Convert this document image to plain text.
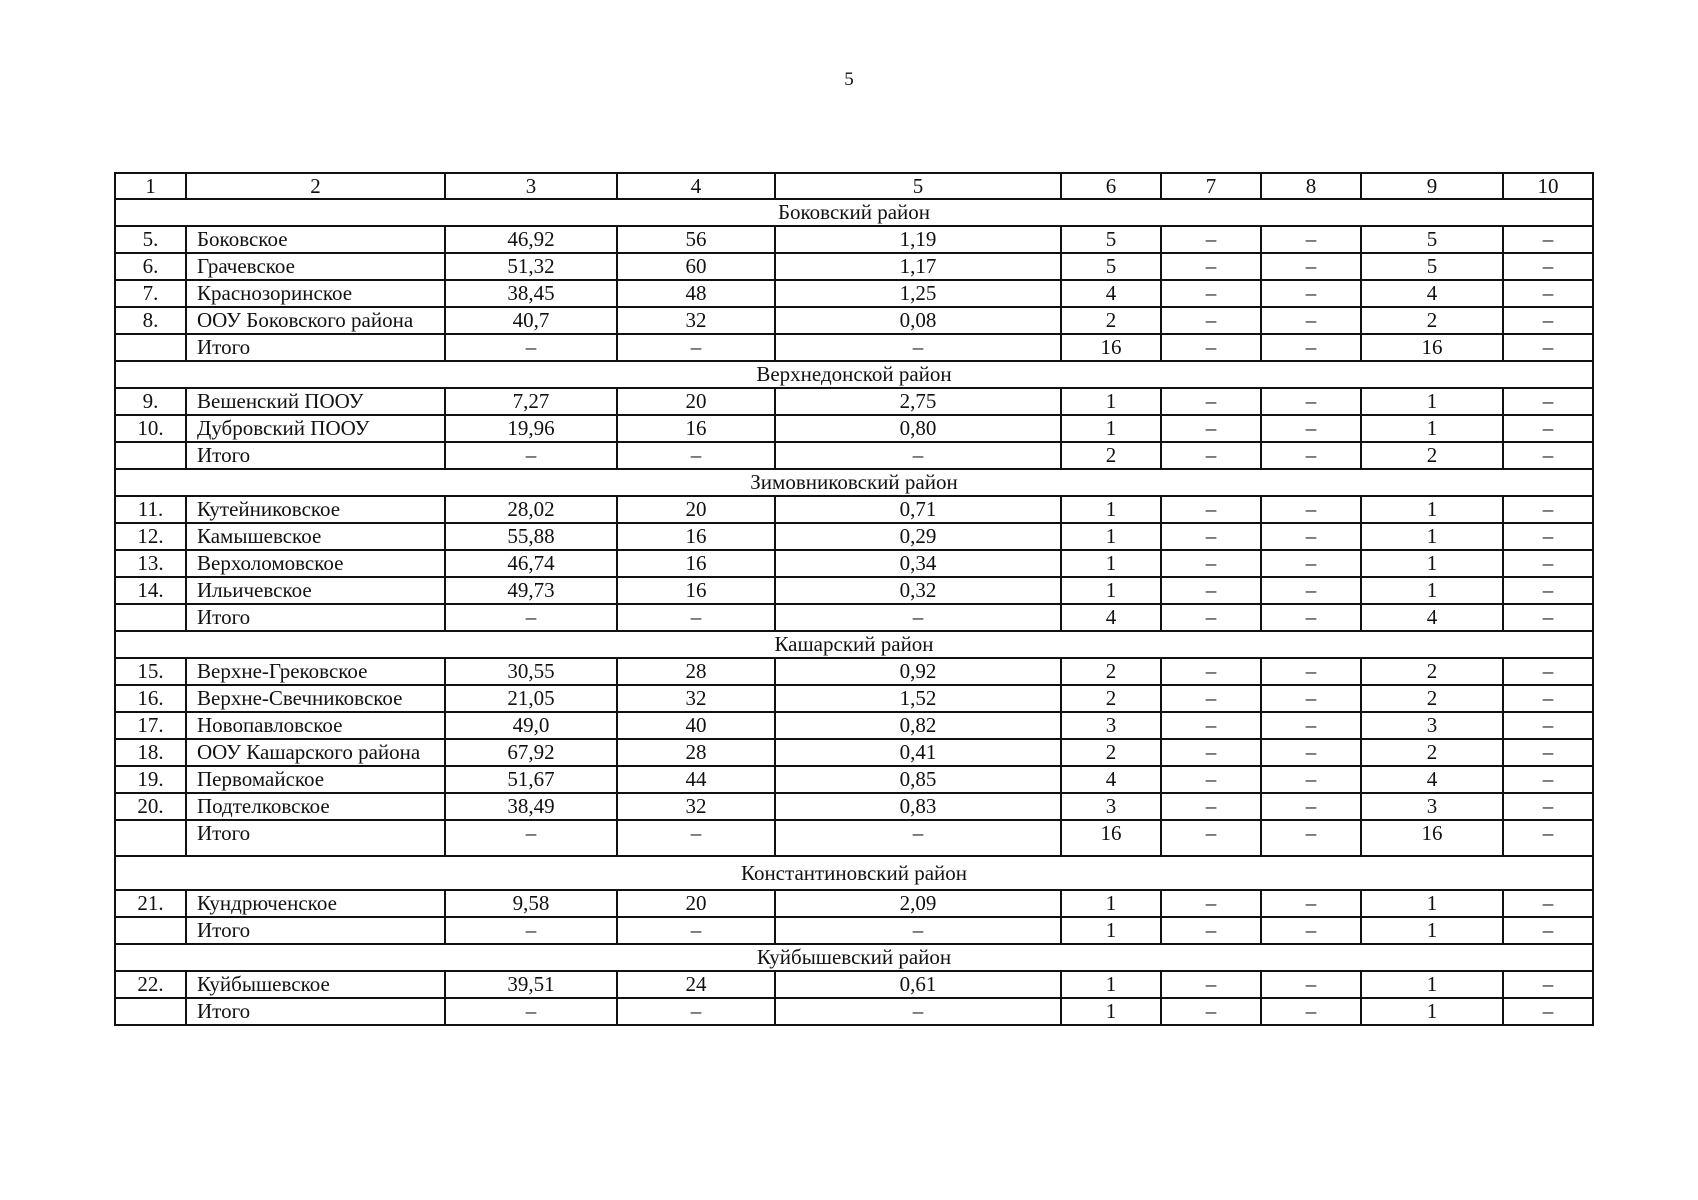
5
1	2	3	4	5	6	7	8	9	10
Боковский район									
5.	Боковское	46,92	56	1,19	5	–	–	5	–
6.	Грачевское	51,32	60	1,17	5	–	–	5	–
7.	Краснозоринское	38,45	48	1,25	4	–	–	4	–
8.	ООУ Боковского района	40,7	32	0,08	2	–	–	2	–
	Итого	–	–	–	16	–	–	16	–
Верхнедонской район									
9.	Вешенский ПООУ	7,27	20	2,75	1	–	–	1	–
10.	Дубровский ПООУ	19,96	16	0,80	1	–	–	1	–
	Итого	–	–	–	2	–	–	2	–
Зимовниковский район									
11.	Кутейниковское	28,02	20	0,71	1	–	–	1	–
12.	Камышевское	55,88	16	0,29	1	–	–	1	–
13.	Верхоломовское	46,74	16	0,34	1	–	–	1	–
14.	Ильичевское	49,73	16	0,32	1	–	–	1	–
	Итого	–	–	–	4	–	–	4	–
Кашарский район									
15.	Верхне-Грековское	30,55	28	0,92	2	–	–	2	–
16.	Верхне-Свечниковское	21,05	32	1,52	2	–	–	2	–
17.	Новопавловское	49,0	40	0,82	3	–	–	3	–
18.	ООУ Кашарского района	67,92	28	0,41	2	–	–	2	–
19.	Первомайское	51,67	44	0,85	4	–	–	4	–
20.	Подтелковское	38,49	32	0,83	3	–	–	3	–
	Итого	–	–	–	16	–	–	16	–
Константиновский район									
21.	Кундрюченское	9,58	20	2,09	1	–	–	1	–
	Итого	–	–	–	1	–	–	1	–
Куйбышевский район									
22.	Куйбышевское	39,51	24	0,61	1	–	–	1	–
	Итого	–	–	–	1	–	–	1	–
